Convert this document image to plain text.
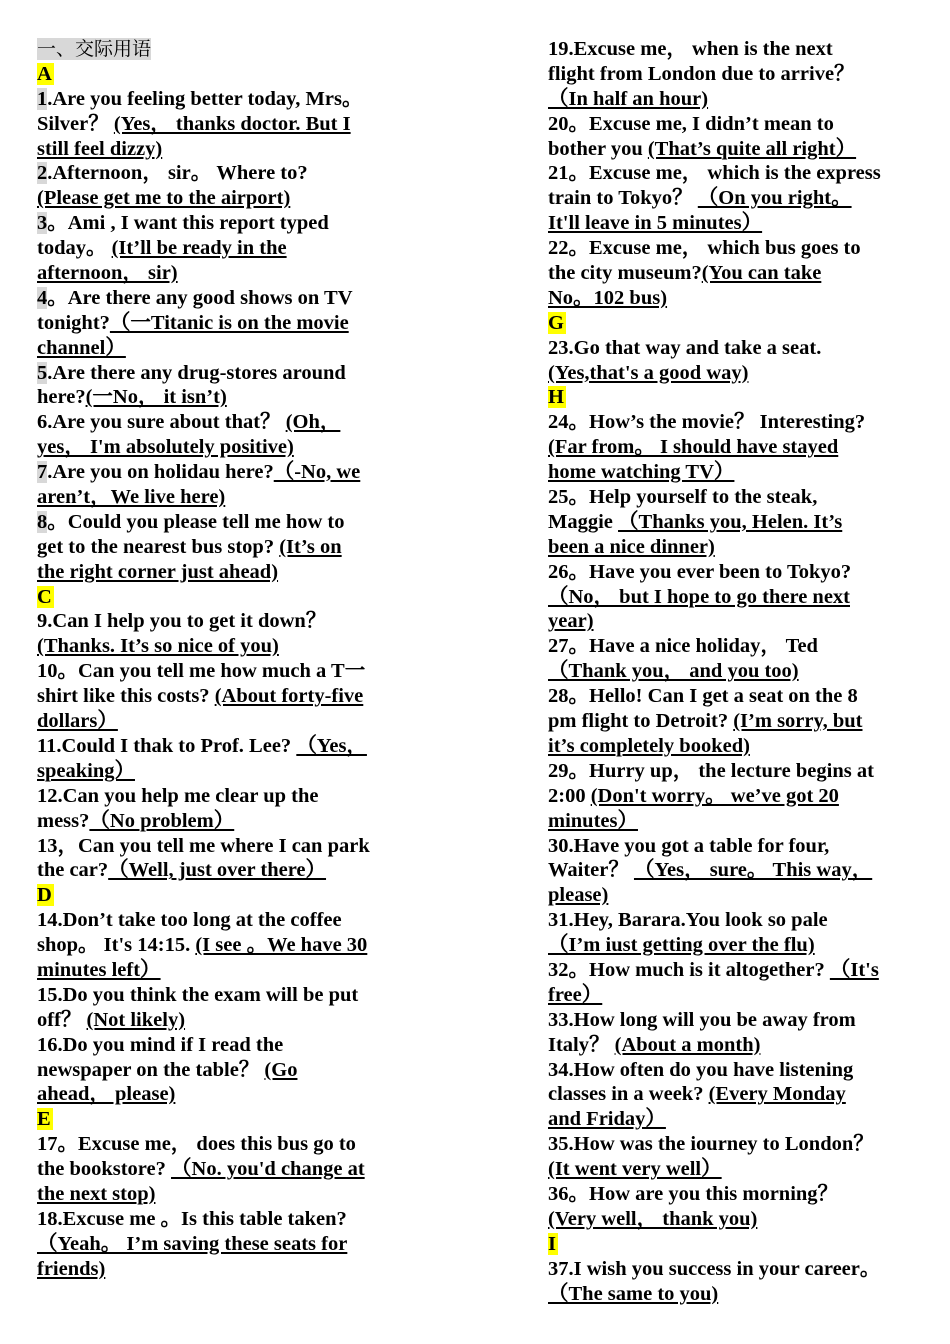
一、交际用语
A
1.Are you feeling better today, Mrs。
Silver？ (Yes， thanks doctor. But I
still feel dizzy)
2.Afternoon， sir。 Where to?
(Please get me to the airport)
3。Ami , I want this report typed
today。 (It’ll be ready in the
afternoon， sir)
4。Are there any good shows on TV
tonight?（一Titanic is on the movie
channel）
5.Are there any drug-stores around
here?(一No， it isn’t)
6.Are you sure about that？ (Oh，
yes， I'm absolutely positive)
7.Are you on holidau here?（-No, we
aren’t，We live here)
8。Could you please tell me how to
get to the nearest bus stop? (It’s on
the right corner just ahead)
C
9.Can I help you to get it down？
(Thanks. It’s so nice of you)
10。Can you tell me how much a T一
shirt like this costs? (About forty-five
dollars）
11.Could I thak to Prof. Lee? （Yes，
speaking）
12.Can you help me clear up the
mess?（No problem）
13，Can you tell me where I can park
the car?（Well, just over there）
D
14.Don’t take too long at the coffee
shop。 It's 14:15. (I see 。We have 30
minutes left）
15.Do you think the exam will be put
off？ (Not likely)
16.Do you mind if I read the
newspaper on the table？ (Go
ahead， please)
E
17。Excuse me， does this bus go to
the bookstore? （No. you'd change at
the next stop)
18.Excuse me 。Is this table taken?
（Yeah。 I’m saving these seats for
friends)
19.Excuse me， when is the next
flight from London due to arrive？
（In half an hour)
20。Excuse me, I didn’t mean to
bother you (That’s quite all right）
21。Excuse me， which is the express
train to Tokyo？ （On you right。
It'll leave in 5 minutes）
22。Excuse me， which bus goes to
the city museum?(You can take
No。102 bus)
G
23.Go that way and take a seat.
(Yes,that's a good way)
H
24。How’s the movie？ Interesting?
(Far from。 I should have stayed
home watching TV）
25。Help yourself to the steak,
Maggie （Thanks you, Helen. It’s
been a nice dinner)
26。Have you ever been to Tokyo?
（No， but I hope to go there next
year)
27。Have a nice holiday， Ted
（Thank you， and you too)
28。Hello! Can I get a seat on the 8
pm flight to Detroit? (I’m sorry, but
it’s completely booked)
29。Hurry up， the lecture begins at
2:00 (Don't worry。 we’ve got 20
minutes）
30.Have you got a table for four,
Waiter？ （Yes， sure。 This way，
please)
31.Hey, Barara.You look so pale
（I’m iust getting over the flu)
32。How much is it altogether? （It's
free）
33.How long will you be away from
Italy？ (About a month)
34.How often do you have listening
classes in a week? (Every Monday
and Friday）
35.How was the iourney to London？
(It went very well）
36。How are you this morning？
(Very well， thank you)
I
37.I wish you success in your career。
（The same to you)
